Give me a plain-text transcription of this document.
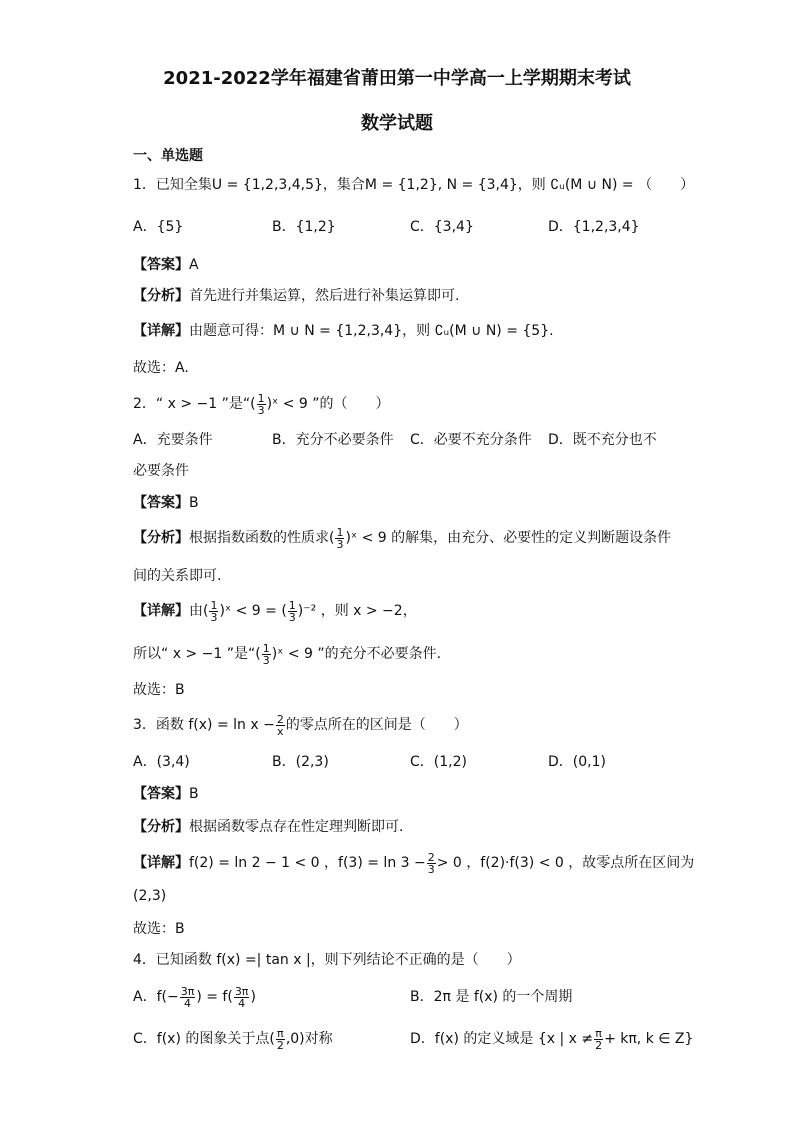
2021-2022学年福建省莆田第一中学高一上学期期末考试
数学试题
一、单选题
1．已知全集U = {1,2,3,4,5}，集合M = {1,2}, N = {3,4}，则 ∁ᵤ(M ∪ N) = （　　）
A．{5}	B．{1,2}	C．{3,4}	D．{1,2,3,4}
【答案】A
【分析】首先进行并集运算，然后进行补集运算即可.
【详解】由题意可得：M ∪ N = {1,2,3,4}，则 ∁ᵤ(M ∪ N) = {5}.
故选：A.
2．“ x > −1 ”是“( $\frac{1}{3}$ )ˣ < 9 ”的（　　）
A．充要条件	B．充分不必要条件 C．必要不充分条件 D．既不充分也不
必要条件
【答案】B
【分析】根据指数函数的性质求( $\frac{1}{3}$ )ˣ < 9 的解集，由充分、必要性的定义判断题设条件
间的关系即可.
【详解】由( $\frac{1}{3}$ )ˣ < 9 = ( $\frac{1}{3} )^{-2}$ ，则 x > −2，
所以“ x > −1 ”是“( $\frac{1}{3}$ )ˣ < 9 ”的充分不必要条件.
故选：B
3．函数 $f(x) = \ln x - \frac{2}{x}$ 的零点所在的区间是（　　）
A．(3,4)	B．(2,3)	C．(1,2)	D．(0,1)
【答案】B
【分析】根据函数零点存在性定理判断即可．
【详解】f(2) = ln 2 − 1 < 0 ，$f(3) = \ln 3 - \frac{2}{3} > 0$ ，f(2)·f(3) < 0 ，故零点所在区间为
(2,3)
故选：B
4．已知函数 f(x) =| tan x |，则下列结论不正确的是（　　）
A．$f(- \frac{3\pi}{4}$ ) = $f( \frac{3\pi}{4}$ )	B．2π 是 f(x) 的一个周期
C．f(x) 的图象关于点( $\frac{\pi}{2} ,0$)对称	D．f(x) 的定义域是 {x | $x \ne \frac{\pi}{2} + k\pi$, k ∈ Z}
